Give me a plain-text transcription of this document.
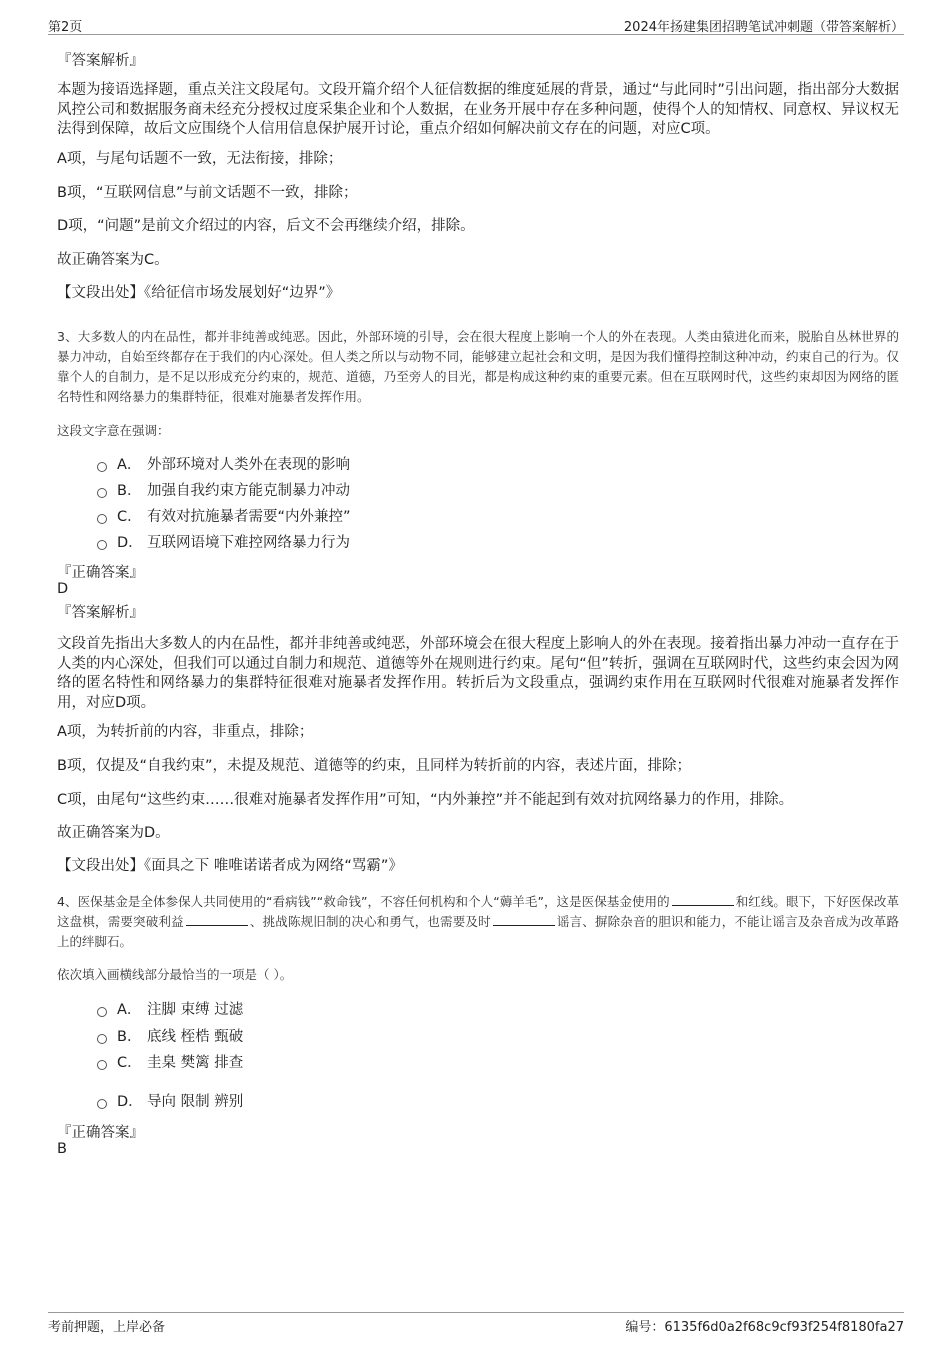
第2页	2024年扬建集团招聘笔试冲刺题（带答案解析）
『答案解析』
本题为接语选择题，重点关注文段尾句。文段开篇介绍个人征信数据的维度延展的背景，通过“与此同时”引出问题，指出部分大数据风控公司和数据服务商未经充分授权过度采集企业和个人数据，在业务开展中存在多种问题，使得个人的知情权、同意权、异议权无法得到保障，故后文应围绕个人信用信息保护展开讨论，重点介绍如何解决前文存在的问题，对应C项。
A项，与尾句话题不一致，无法衔接，排除；
B项，“互联网信息”与前文话题不一致，排除；
D项，“问题”是前文介绍过的内容，后文不会再继续介绍，排除。
故正确答案为C。
【文段出处】《给征信市场发展划好“边界”》
3、大多数人的内在品性，都并非纯善或纯恶。因此，外部环境的引导，会在很大程度上影响一个人的外在表现。人类由猿进化而来，脱胎自丛林世界的暴力冲动，自始至终都存在于我们的内心深处。但人类之所以与动物不同，能够建立起社会和文明，是因为我们懂得控制这种冲动，约束自己的行为。仅靠个人的自制力，是不足以形成充分约束的，规范、道德，乃至旁人的目光，都是构成这种约束的重要元素。但在互联网时代，这些约束却因为网络的匿名特性和网络暴力的集群特征，很难对施暴者发挥作用。
这段文字意在强调：
A． 外部环境对人类外在表现的影响
B． 加强自我约束方能克制暴力冲动
C． 有效对抗施暴者需要“内外兼控”
D． 互联网语境下难控网络暴力行为
『正确答案』
D
『答案解析』
文段首先指出大多数人的内在品性，都并非纯善或纯恶，外部环境会在很大程度上影响人的外在表现。接着指出暴力冲动一直存在于人类的内心深处，但我们可以通过自制力和规范、道德等外在规则进行约束。尾句“但”转折，强调在互联网时代，这些约束会因为网络的匿名特性和网络暴力的集群特征很难对施暴者发挥作用。转折后为文段重点，强调约束作用在互联网时代很难对施暴者发挥作用，对应D项。
A项，为转折前的内容，非重点，排除；
B项，仅提及“自我约束”，未提及规范、道德等的约束，且同样为转折前的内容，表述片面，排除；
C项，由尾句“这些约束……很难对施暴者发挥作用”可知，“内外兼控”并不能起到有效对抗网络暴力的作用，排除。
故正确答案为D。
【文段出处】《面具之下 唯唯诺诺者成为网络“骂霸”》
4、医保基金是全体参保人共同使用的“看病钱”“救命钱”，不容任何机构和个人“薅羊毛”，这是医保基金使用的	和红线。眼下，下好医保改革这盘棋，需要突破利益	、挑战陈规旧制的决心和勇气，也需要及时	谣言、摒除杂音的胆识和能力，不能让谣言及杂音成为改革路上的绊脚石。
依次填入画横线部分最恰当的一项是（ ）。
A． 注脚 束缚 过滤
B． 底线 桎梏 甄破
C． 圭臬 樊篱 排查
D． 导向 限制 辨别
『正确答案』
B
考前押题，上岸必备	编号：6135f6d0a2f68c9cf93f254f8180fa27
